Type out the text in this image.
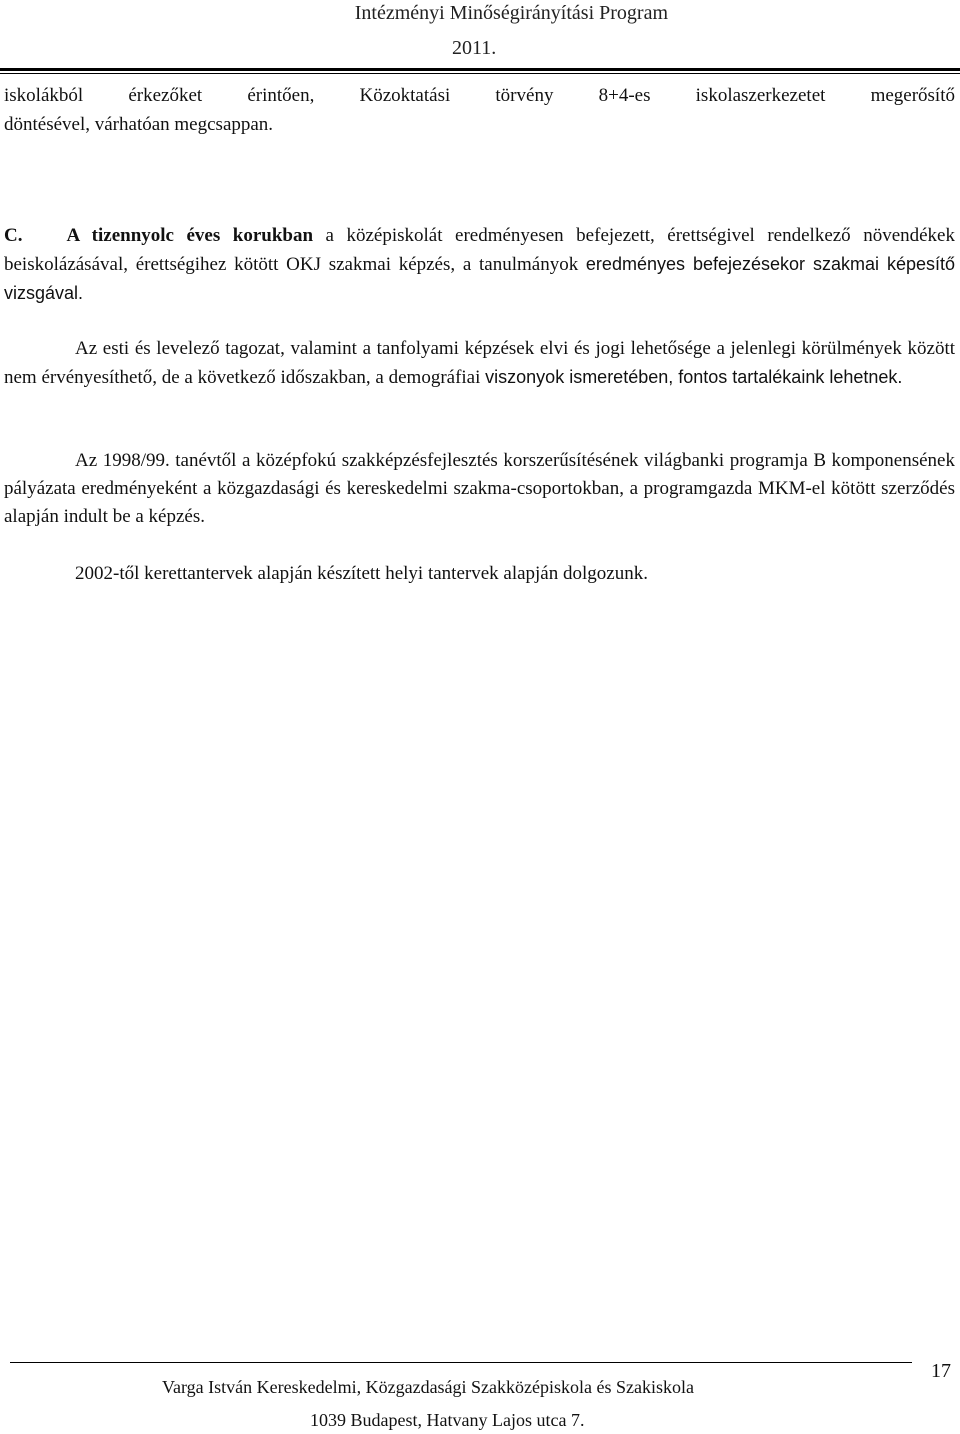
Intézményi Minőségirányítási Program
2011.

iskolákból érkezőket érintően, Közoktatási törvény 8+4-es iskolaszerkezetet megerősítő

döntésével, várhatóan megcsappan.

C. A tizennyolc éves korukban a középiskolát eredményesen befejezett, érettségivel rendelkező növendékek beiskolázásával, érettségihez kötött OKJ szakmai képzés, a tanulmányok eredményes befejezésekor szakmai képesítő vizsgával.

Az esti és levelező tagozat, valamint a tanfolyami képzések elvi és jogi lehetősége a jelenlegi körülmények között nem érvényesíthető, de a következő időszakban, a demográfiai viszonyok ismeretében, fontos tartalékaink lehetnek.

Az 1998/99. tanévtől a középfokú szakképzésfejlesztés korszerűsítésének világbanki programja B komponensének pályázata eredményeként a közgazdasági és kereskedelmi szakma-csoportokban, a programgazda MKM-el kötött szerződés alapján indult be a képzés.

2002-től kerettantervek alapján készített helyi tantervek alapján dolgozunk.

Varga István Kereskedelmi, Közgazdasági Szakközépiskola és Szakiskola
1039 Budapest, Hatvany Lajos utca 7.
17
